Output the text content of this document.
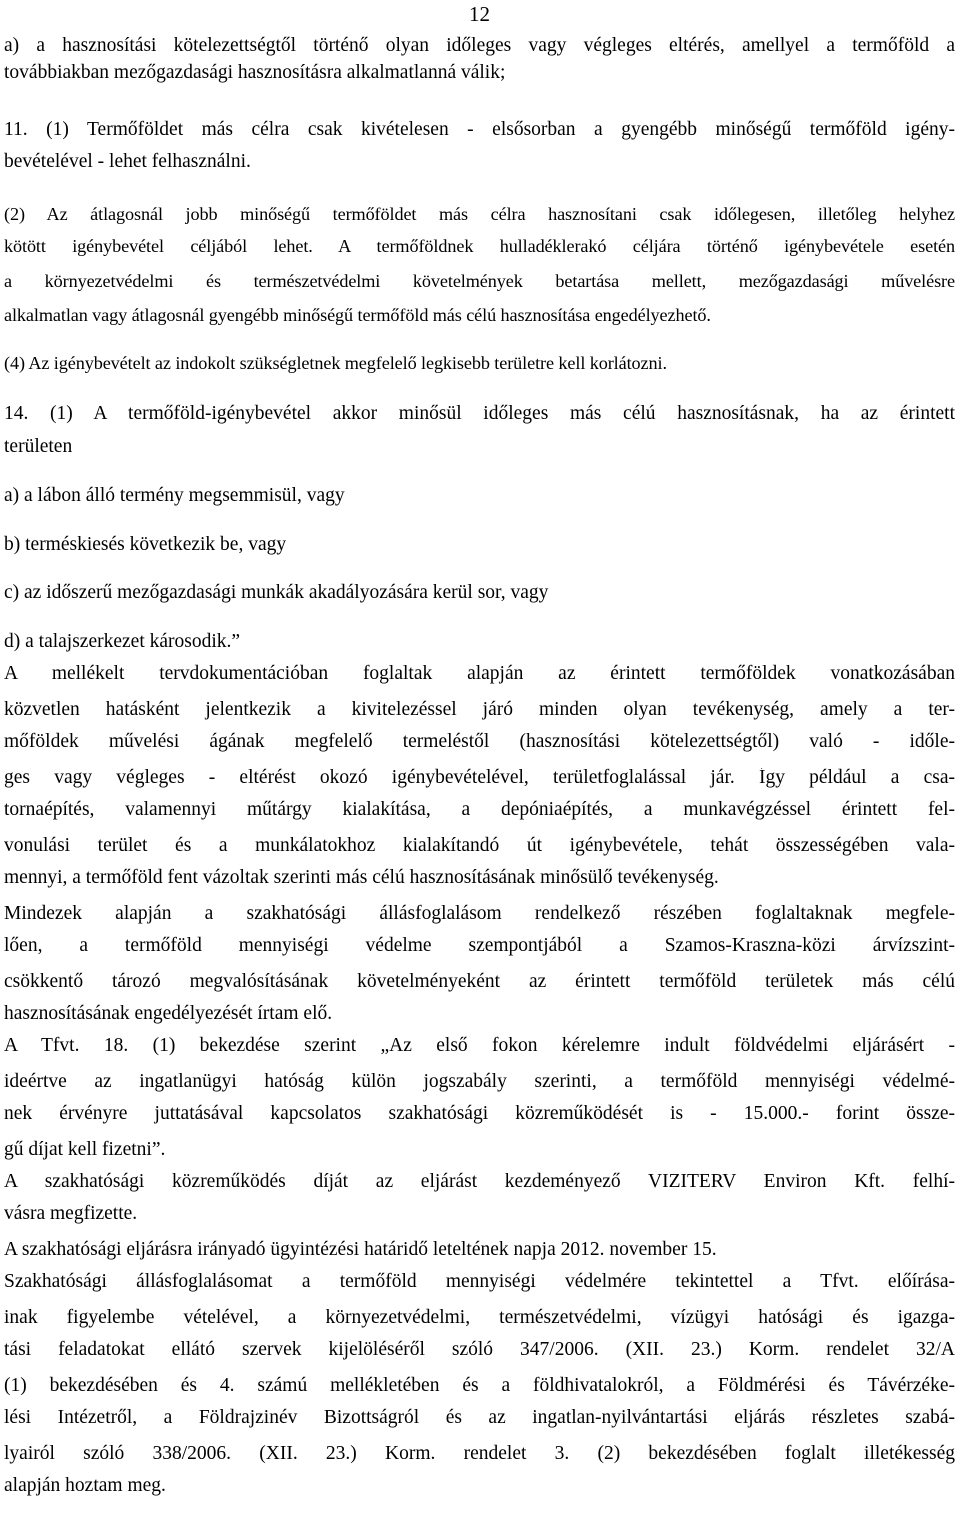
12
a) a hasznosítási kötelezettségtől történő olyan időleges vagy végleges eltérés, amellyel a termőföld a
továbbiakban mezőgazdasági hasznosításra alkalmatlanná válik;
11. (1) Termőföldet más célra csak kivételesen - elsősorban a gyengébb minőségű termőföld igény-
bevételével - lehet felhasználni.
(2) Az átlagosnál jobb minőségű termőföldet más célra hasznosítani csak időlegesen, illetőleg helyhez
kötött igénybevétel céljából lehet. A termőföldnek hulladéklerakó céljára történő igénybevétele esetén
a környezetvédelmi és természetvédelmi követelmények betartása mellett, mezőgazdasági művelésre
alkalmatlan vagy átlagosnál gyengébb minőségű termőföld más célú hasznosítása engedélyezhető.
(4) Az igénybevételt az indokolt szükségletnek megfelelő legkisebb területre kell korlátozni.
14. (1) A termőföld-igénybevétel akkor minősül időleges más célú hasznosításnak, ha az érintett
területen
a) a lábon álló termény megsemmisül, vagy
b) terméskiesés következik be, vagy
c) az időszerű mezőgazdasági munkák akadályozására kerül sor, vagy
d) a talajszerkezet károsodik.”
A mellékelt tervdokumentációban foglaltak alapján az érintett termőföldek vonatkozásában
közvetlen hatásként jelentkezik a kivitelezéssel járó minden olyan tevékenység, amely a ter-
mőföldek művelési ágának megfelelő termeléstől (hasznosítási kötelezettségtől) való - időle-
ges vagy végleges - eltérést okozó igénybevételével, területfoglalással jár. Így például a csa-
tornaépítés, valamennyi műtárgy kialakítása, a depóniaépítés, a munkavégzéssel érintett fel-
vonulási terület és a munkálatokhoz kialakítandó út igénybevétele, tehát összességében vala-
mennyi, a termőföld fent vázoltak szerinti más célú hasznosításának minősülő tevékenység.
Mindezek alapján a szakhatósági állásfoglalásom rendelkező részében foglaltaknak megfele-
lően, a termőföld mennyiségi védelme szempontjából a Szamos-Kraszna-közi árvízszint-
csökkentő tározó megvalósításának követelményeként az érintett termőföld területek más célú
hasznosításának engedélyezését írtam elő.
A Tfvt. 18. (1) bekezdése szerint „Az első fokon kérelemre indult földvédelmi eljárásért -
ideértve az ingatlanügyi hatóság külön jogszabály szerinti, a termőföld mennyiségi védelmé-
nek érvényre juttatásával kapcsolatos szakhatósági közreműködését is - 15.000.- forint össze-
gű díjat kell fizetni”.
A szakhatósági közreműködés díját az eljárást kezdeményező VIZITERV Environ Kft. felhí-
vásra megfizette.
A szakhatósági eljárásra irányadó ügyintézési határidő leteltének napja 2012. november 15.
Szakhatósági állásfoglalásomat a termőföld mennyiségi védelmére tekintettel a Tfvt. előírása-
inak figyelembe vételével, a környezetvédelmi, természetvédelmi, vízügyi hatósági és igazga-
tási feladatokat ellátó szervek kijelöléséről szóló 347/2006. (XII. 23.) Korm. rendelet 32/A
(1) bekezdésében és 4. számú mellékletében és a földhivatalokról, a Földmérési és Távérzéke-
lési Intézetről, a Földrajzinév Bizottságról és az ingatlan-nyilvántartási eljárás részletes szabá-
lyairól szóló 338/2006. (XII. 23.) Korm. rendelet 3. (2) bekezdésében foglalt illetékesség
alapján hoztam meg.
